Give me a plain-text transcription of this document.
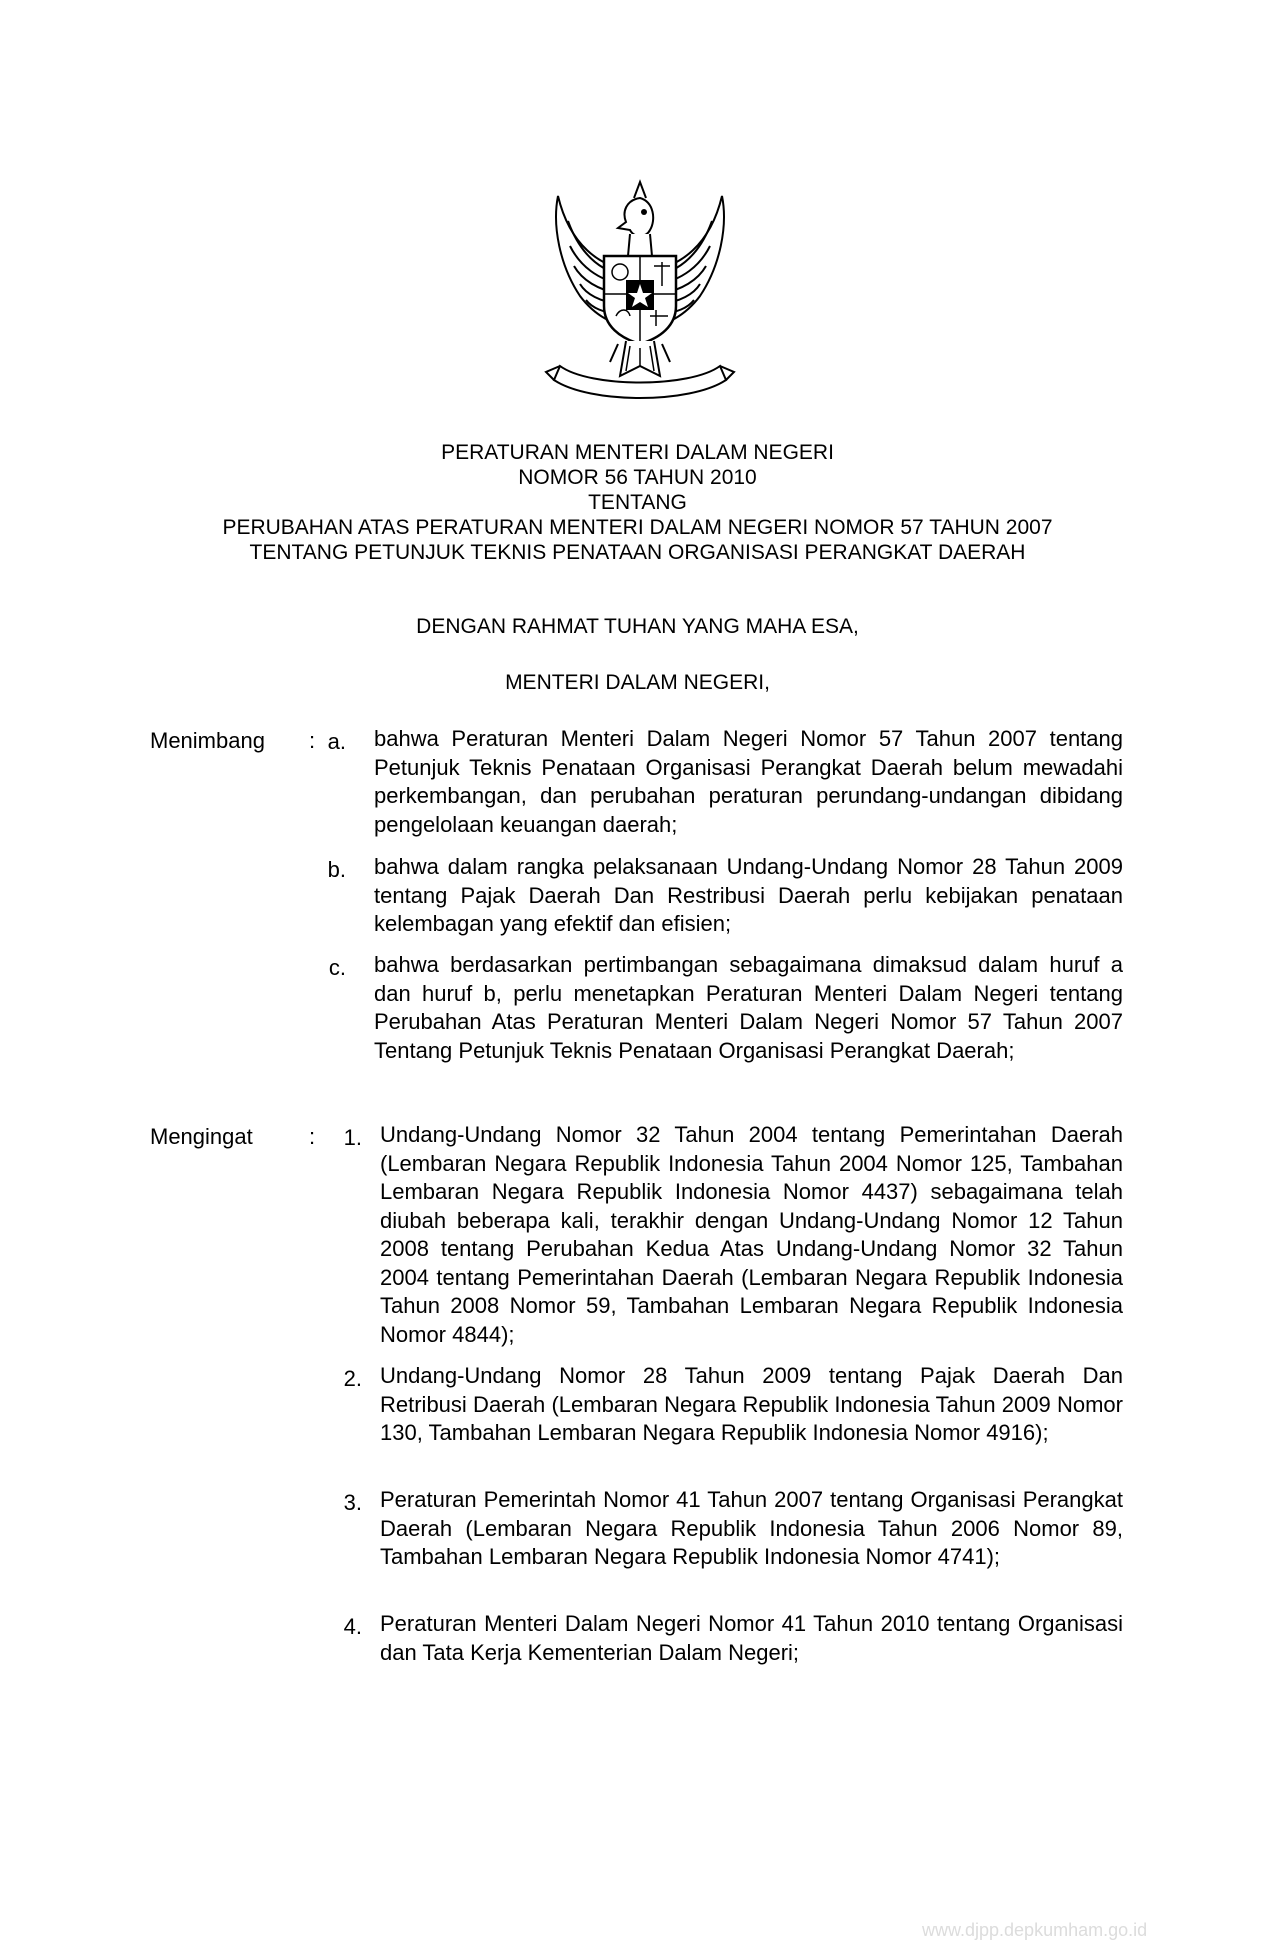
PERATURAN MENTERI DALAM NEGERI
NOMOR 56 TAHUN 2010
TENTANG
PERUBAHAN ATAS PERATURAN MENTERI DALAM NEGERI NOMOR 57 TAHUN 2007
TENTANG PETUNJUK TEKNIS PENATAAN ORGANISASI PERANGKAT DAERAH
DENGAN RAHMAT TUHAN YANG MAHA ESA,
MENTERI DALAM NEGERI,
Menimbang : a. bahwa Peraturan Menteri Dalam Negeri Nomor 57 Tahun 2007 tentang Petunjuk Teknis Penataan Organisasi Perangkat Daerah belum mewadahi perkembangan, dan perubahan peraturan perundang-undangan dibidang pengelolaan keuangan daerah;
b. bahwa dalam rangka pelaksanaan Undang-Undang Nomor 28 Tahun 2009 tentang Pajak Daerah Dan Restribusi Daerah perlu kebijakan penataan kelembagan yang efektif dan efisien;
c. bahwa berdasarkan pertimbangan sebagaimana dimaksud dalam huruf a dan huruf b, perlu menetapkan Peraturan Menteri Dalam Negeri tentang Perubahan Atas Peraturan Menteri Dalam Negeri Nomor 57 Tahun 2007 Tentang Petunjuk Teknis Penataan Organisasi Perangkat Daerah;
Mengingat	:	1. Undang-Undang Nomor 32 Tahun 2004 tentang Pemerintahan Daerah (Lembaran Negara Republik Indonesia Tahun 2004 Nomor 125, Tambahan Lembaran Negara Republik Indonesia Nomor 4437) sebagaimana telah diubah beberapa kali, terakhir dengan Undang-Undang Nomor 12 Tahun 2008 tentang Perubahan Kedua Atas Undang-Undang Nomor 32 Tahun 2004 tentang Pemerintahan Daerah (Lembaran Negara Republik Indonesia Tahun 2008 Nomor 59, Tambahan Lembaran Negara Republik Indonesia Nomor 4844);
2. Undang-Undang Nomor 28 Tahun 2009 tentang Pajak Daerah Dan Retribusi Daerah (Lembaran Negara Republik Indonesia Tahun 2009 Nomor 130, Tambahan Lembaran Negara Republik Indonesia Nomor 4916);
3. Peraturan Pemerintah Nomor 41 Tahun 2007 tentang Organisasi Perangkat Daerah (Lembaran Negara Republik Indonesia Tahun 2006 Nomor 89, Tambahan Lembaran Negara Republik Indonesia Nomor 4741);
4. Peraturan Menteri Dalam Negeri Nomor 41 Tahun 2010 tentang Organisasi dan Tata Kerja Kementerian Dalam Negeri;
www.djpp.depkumham.go.id
